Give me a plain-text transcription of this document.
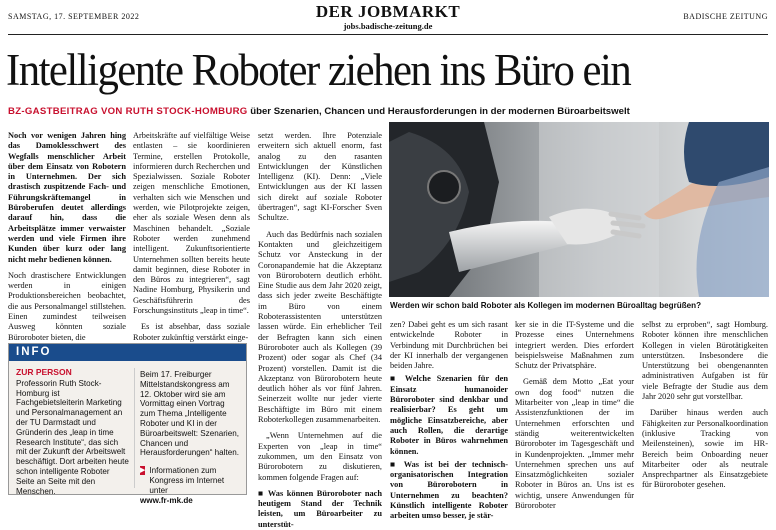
SAMSTAG, 17. SEPTEMBER 2022	DER JOBMARKT
jobs.badische-zeitung.de
BADISCHE ZEITUNG
Intelligente Roboter ziehen ins Büro ein
BZ-GASTBEITRAG VON RUTH STOCK-HOMBURG über Szenarien, Chancen und Herausforderungen in der modernen Büroarbeitswelt

Noch vor wenigen Jahren hing das Damoklesschwert des Wegfalls menschlicher Arbeit über dem Einsatz von Robotern in Unternehmen. Der sich drastisch zuspitzende Fach- und Führungskräftemangel in Büroberufen deutet allerdings darauf hin, dass die Arbeitsplätze immer verwaister werden und viele Firmen ihre Kunden über kurz oder lang nicht mehr bedienen können.

Noch drastischere Entwicklungen werden in einigen Produktionsbereichen beobachtet, die aus Personalmangel stillstehen. Einen zumindest teilweisen Ausweg könnten soziale Büroroboter bieten, die

Arbeitskräfte auf vielfältige Weise entlasten – sie koordinieren Termine, erstellen Protokolle, informieren durch Recherchen und Spezialwissen. Soziale Roboter zeigen menschliche Emotionen, verhalten sich wie Menschen und werden, wie Pilotprojekte zeigen, eher als soziale Wesen denn als Maschinen behandelt. „Soziale Roboter werden zunehmend intelligent. Zukunftsorientierte Unternehmen sollten bereits heute damit beginnen, diese Roboter in den Büros zu integrieren“, sagt Nadine Homburg, Physikerin und Geschäftsführerin des Forschungsinstituts „leap in time“.

Es ist absehbar, dass soziale Roboter zukünftig verstärkt einge-

setzt werden. Ihre Potenziale erweitern sich aktuell enorm, fast analog zu den rasanten Entwicklungen der Künstlichen Intelligenz (KI). Denn: „Viele Entwicklungen aus der KI lassen sich direkt auf soziale Roboter übertragen“, sagt KI-Forscher Sven Schultze.

Auch das Bedürfnis nach sozialen Kontakten und gleichzeitigem Schutz vor Ansteckung in der Coronapandemie hat die Akzeptanz von Bürorobotern deutlich erhöht. Eine Studie aus dem Jahr 2020 zeigt, dass sich jeder zweite Beschäftigte im Büro von einem Roboterassistenten unterstützen lassen würde. Ein erheblicher Teil der Befragten kann sich einen Büroroboter auch als Kollegen (39 Prozent) oder sogar als Chef (34 Prozent) vorstellen. Damit ist die Akzeptanz von Bürorobotern heute deutlich höher als vor fünf Jahren. Seinerzeit wollte nur jeder vierte Beschäftigte im Büro mit einem Roboterkollegen zusammenarbeiten.

„Wenn Unternehmen auf die Experten von „leap in time“ zukommen, um den Einsatz von Bürorobotern zu diskutieren, kommen folgende Fragen auf:

■ Was können Büroroboter nach heutigem Stand der Technik leisten, um Büroarbeiter zu unterstüt-

Werden wir schon bald Roboter als Kollegen im modernen Büroalltag begrüßen?

zen? Dabei geht es um sich rasant entwickelnde Roboter in Verbindung mit Durchbrüchen bei der KI innerhalb der vergangenen beiden Jahre.

■ Welche Szenarien für den Einsatz humanoider Büroroboter sind denkbar und realisierbar? Es geht um mögliche Einsatzbereiche, aber auch Rollen, die derartige Roboter in Büros wahrnehmen können.

■ Was ist bei der technisch-organisatorischen Integration von Bürorobotern in Unternehmen zu beachten? Künstlich intelligente Roboter arbeiten umso besser, je stär-

ker sie in die IT-Systeme und die Prozesse eines Unternehmens integriert werden. Dies erfordert beispielsweise Maßnahmen zum Schutz der Privatsphäre.

Gemäß dem Motto „Eat your own dog food“ nutzen die Mitarbeiter von „leap in time“ die Assistenzfunktionen der im Unternehmen erforschten und ständig weiterentwickelten Büroroboter im Tagesgeschäft und in Kundenprojekten. „Immer mehr Unternehmen sprechen uns auf Einsatzmöglichkeiten sozialer Roboter in Büros an. Uns ist es wichtig, unsere Anwendungen für Büroroboter

selbst zu erproben“, sagt Homburg. Roboter können ihre menschlichen Kollegen in vielen Bürotätigkeiten unterstützen. Insbesondere die Unterstützung bei obengenannten administrativen Aufgaben ist für viele Befragte der Studie aus dem Jahr 2020 sehr gut vorstellbar.

Darüber hinaus werden auch Fähigkeiten zur Personalkoordination (inklusive Tracking von Meilensteinen), sowie im HR-Bereich beim Onboarding neuer Mitarbeiter oder als neutrale Ansprechpartner als Einsatzgebiete für Büroroboter gesehen.

INFO
ZUR PERSON
Professorin Ruth Stock-Homburg ist Fachgebietsleiterin Marketing und Personalmanagement an der TU Darmstadt und Gründerin des „leap in time Research Institute“, das sich mit der Zukunft der Arbeitswelt beschäftigt. Dort arbeiten heute schon intelligente Roboter Seite an Seite mit den Menschen.
Beim 17. Freiburger Mittelstandskongress am 12. Oktober wird sie am Vormittag einen Vortrag zum Thema „Intelligente Roboter und KI in der Büroarbeitswelt: Szenarien, Chancen und Herausforderungen“ halten.
▶ Informationen zum Kongress im Internet unter
www.fr-mk.de
